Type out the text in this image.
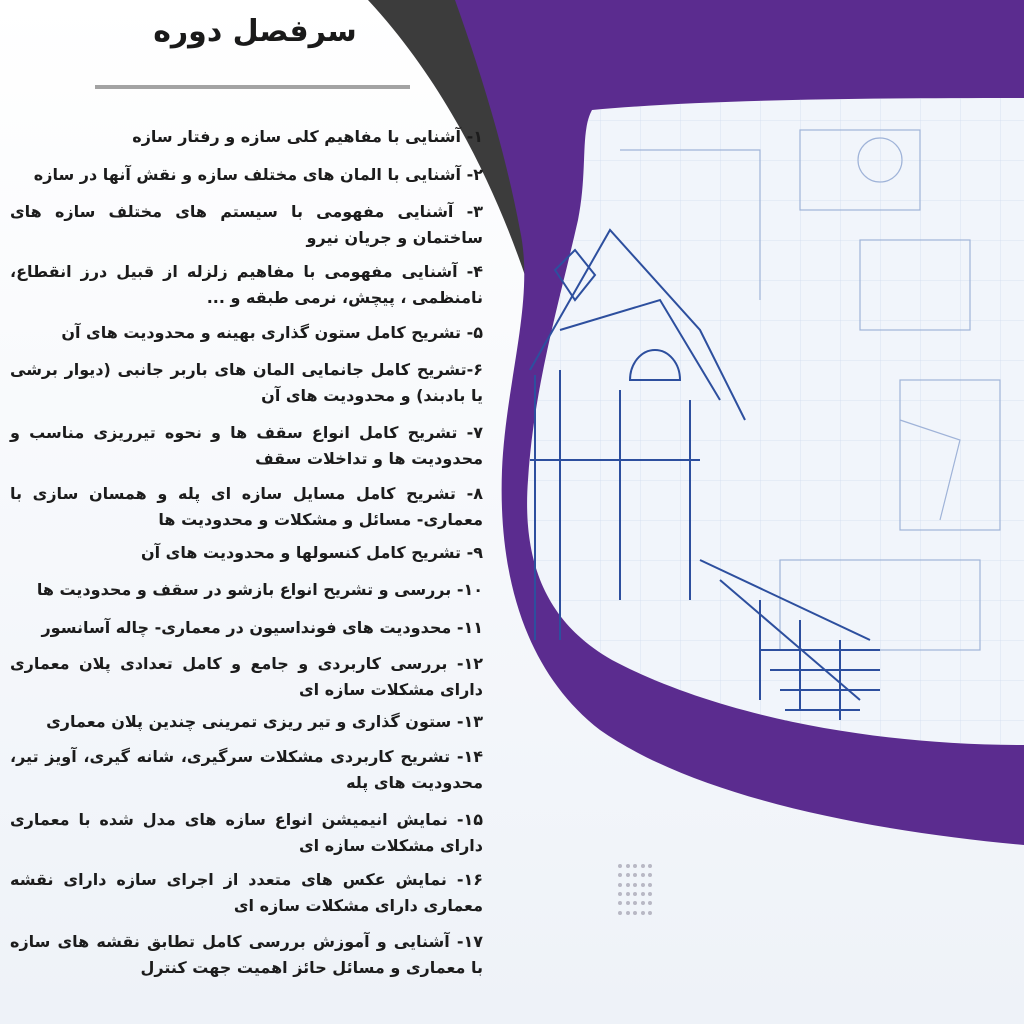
سرفصل دوره
۱- آشنایی با مفاهیم کلی سازه و رفتار سازه
۲- آشنایی با المان های مختلف سازه و نقش آنها در سازه
۳- آشنایی مفهومی با سیستم های مختلف سازه های ساختمان و جریان نیرو
۴- آشنایی مفهومی با مفاهیم زلزله از قبیل درز انقطاع، نامنظمی ، پیچش، نرمی طبقه و ...
۵- تشریح کامل ستون گذاری بهینه و محدودیت های آن
۶-تشریح کامل جانمایی المان های باربر جانبی (دیوار برشی یا بادبند) و محدودیت های آن
۷- تشریح کامل انواع سقف ها و نحوه تیرریزی مناسب و محدودیت ها و تداخلات سقف
۸- تشریح کامل مسایل سازه ای پله و همسان سازی با معماری- مسائل و مشکلات و محدودیت ها
۹- تشریح کامل کنسولها و محدودیت های آن
۱۰- بررسی و تشریح انواع بازشو در سقف و محدودیت ها
۱۱- محدودیت های فونداسیون در معماری- چاله آسانسور
۱۲- بررسی کاربردی و جامع و کامل تعدادی پلان معماری دارای مشکلات سازه ای
۱۳- ستون گذاری و تیر ریزی تمرینی چندین پلان معماری
۱۴- تشریح کاربردی مشکلات سرگیری، شانه گیری، آویز تیر، محدودیت های پله
۱۵- نمایش انیمیشن انواع سازه های مدل شده با معماری دارای مشکلات سازه ای
۱۶- نمایش عکس های متعدد از اجرای سازه دارای نقشه معماری دارای مشکلات سازه ای
۱۷- آشنایی و آموزش بررسی کامل تطابق نقشه های سازه با معماری و مسائل حائز اهمیت جهت کنترل
